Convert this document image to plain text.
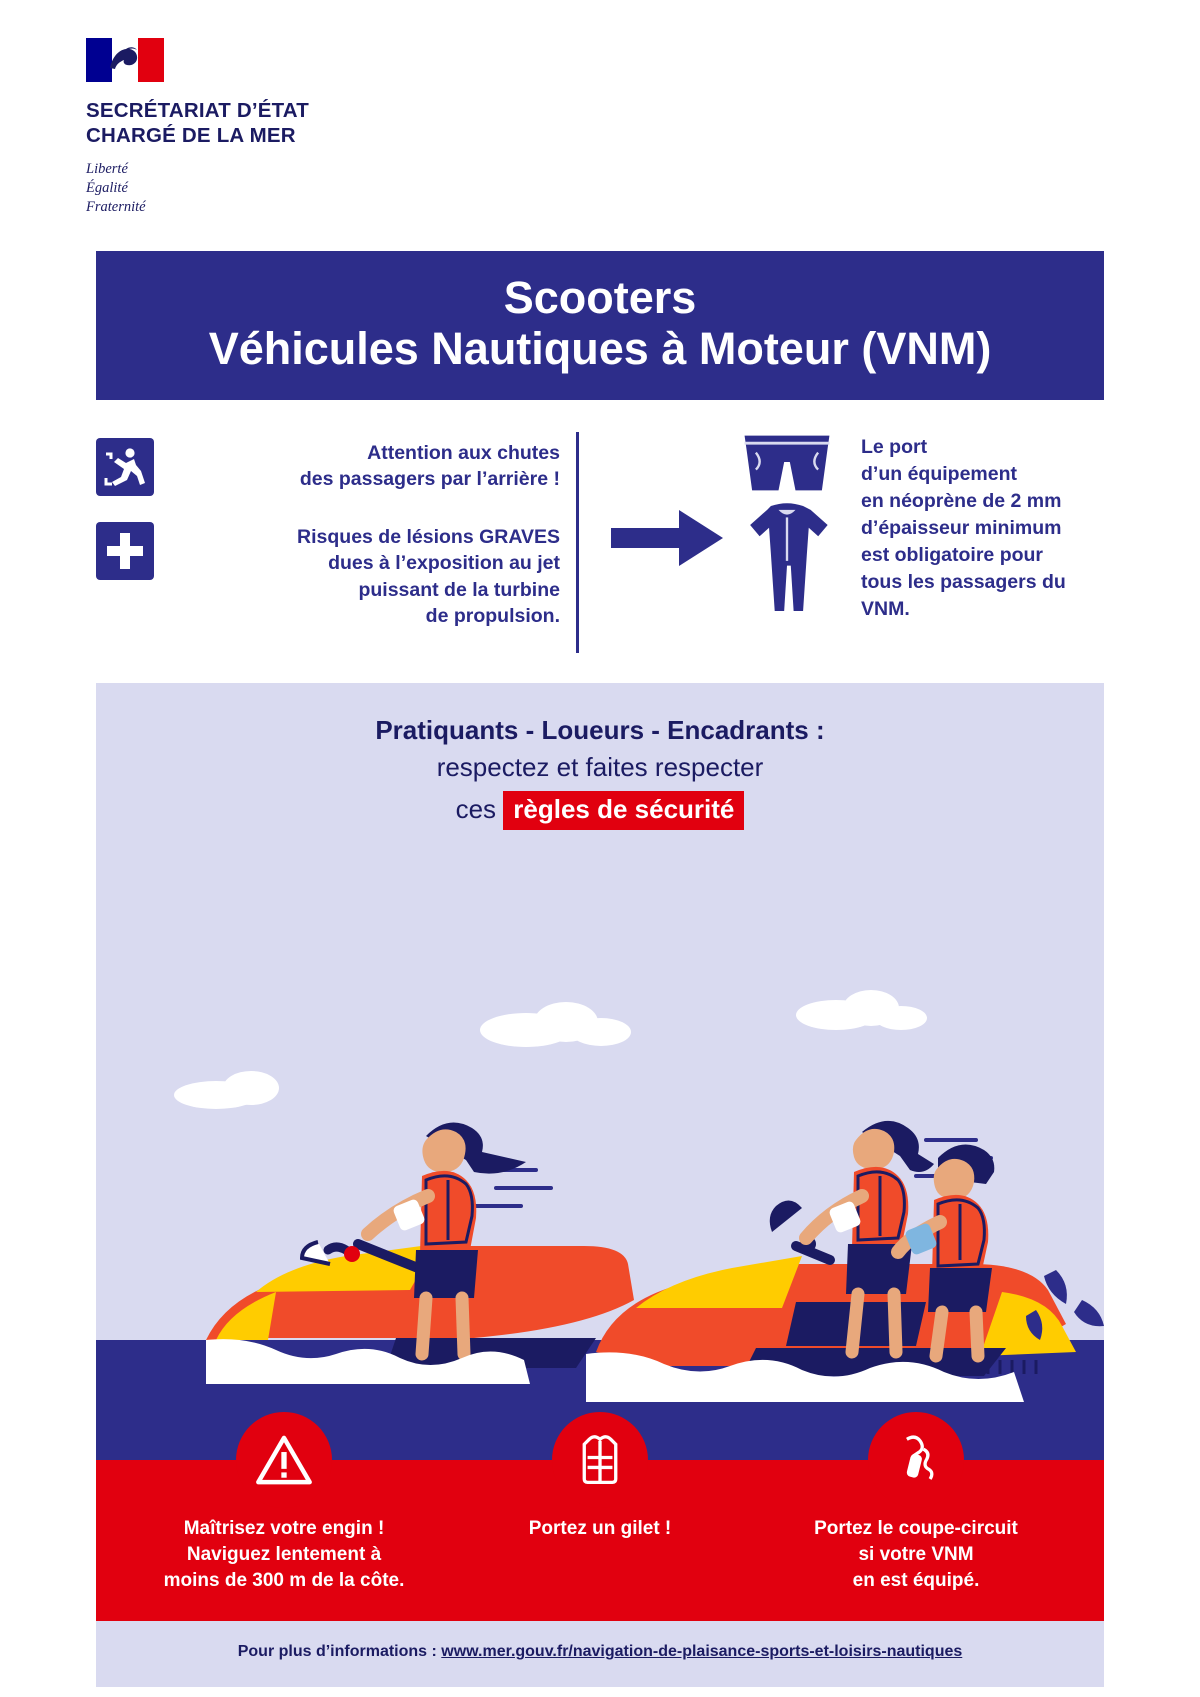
SECRÉTARIAT D’ÉTAT
CHARGÉ DE LA MER
Liberté
Égalité
Fraternité
Scooters
Véhicules Nautiques à Moteur (VNM)
Attention aux chutes
des passagers par l’arrière !
Risques de lésions GRAVES
dues à l’exposition au jet
puissant de la turbine
de propulsion.
Le port
d’un équipement
en néoprène de 2 mm
d’épaisseur minimum
est obligatoire pour
tous les passagers du
VNM.
Pratiquants - Loueurs - Encadrants :
respectez et faites respecter
ces règles de sécurité
Maîtrisez votre engin !
Naviguez lentement à
moins de 300 m de la côte.
Portez un gilet !	Portez le coupe-circuit
si votre VNM
en est équipé.
Pour plus d’informations : www.mer.gouv.fr/navigation-de-plaisance-sports-et-loisirs-nautiques
